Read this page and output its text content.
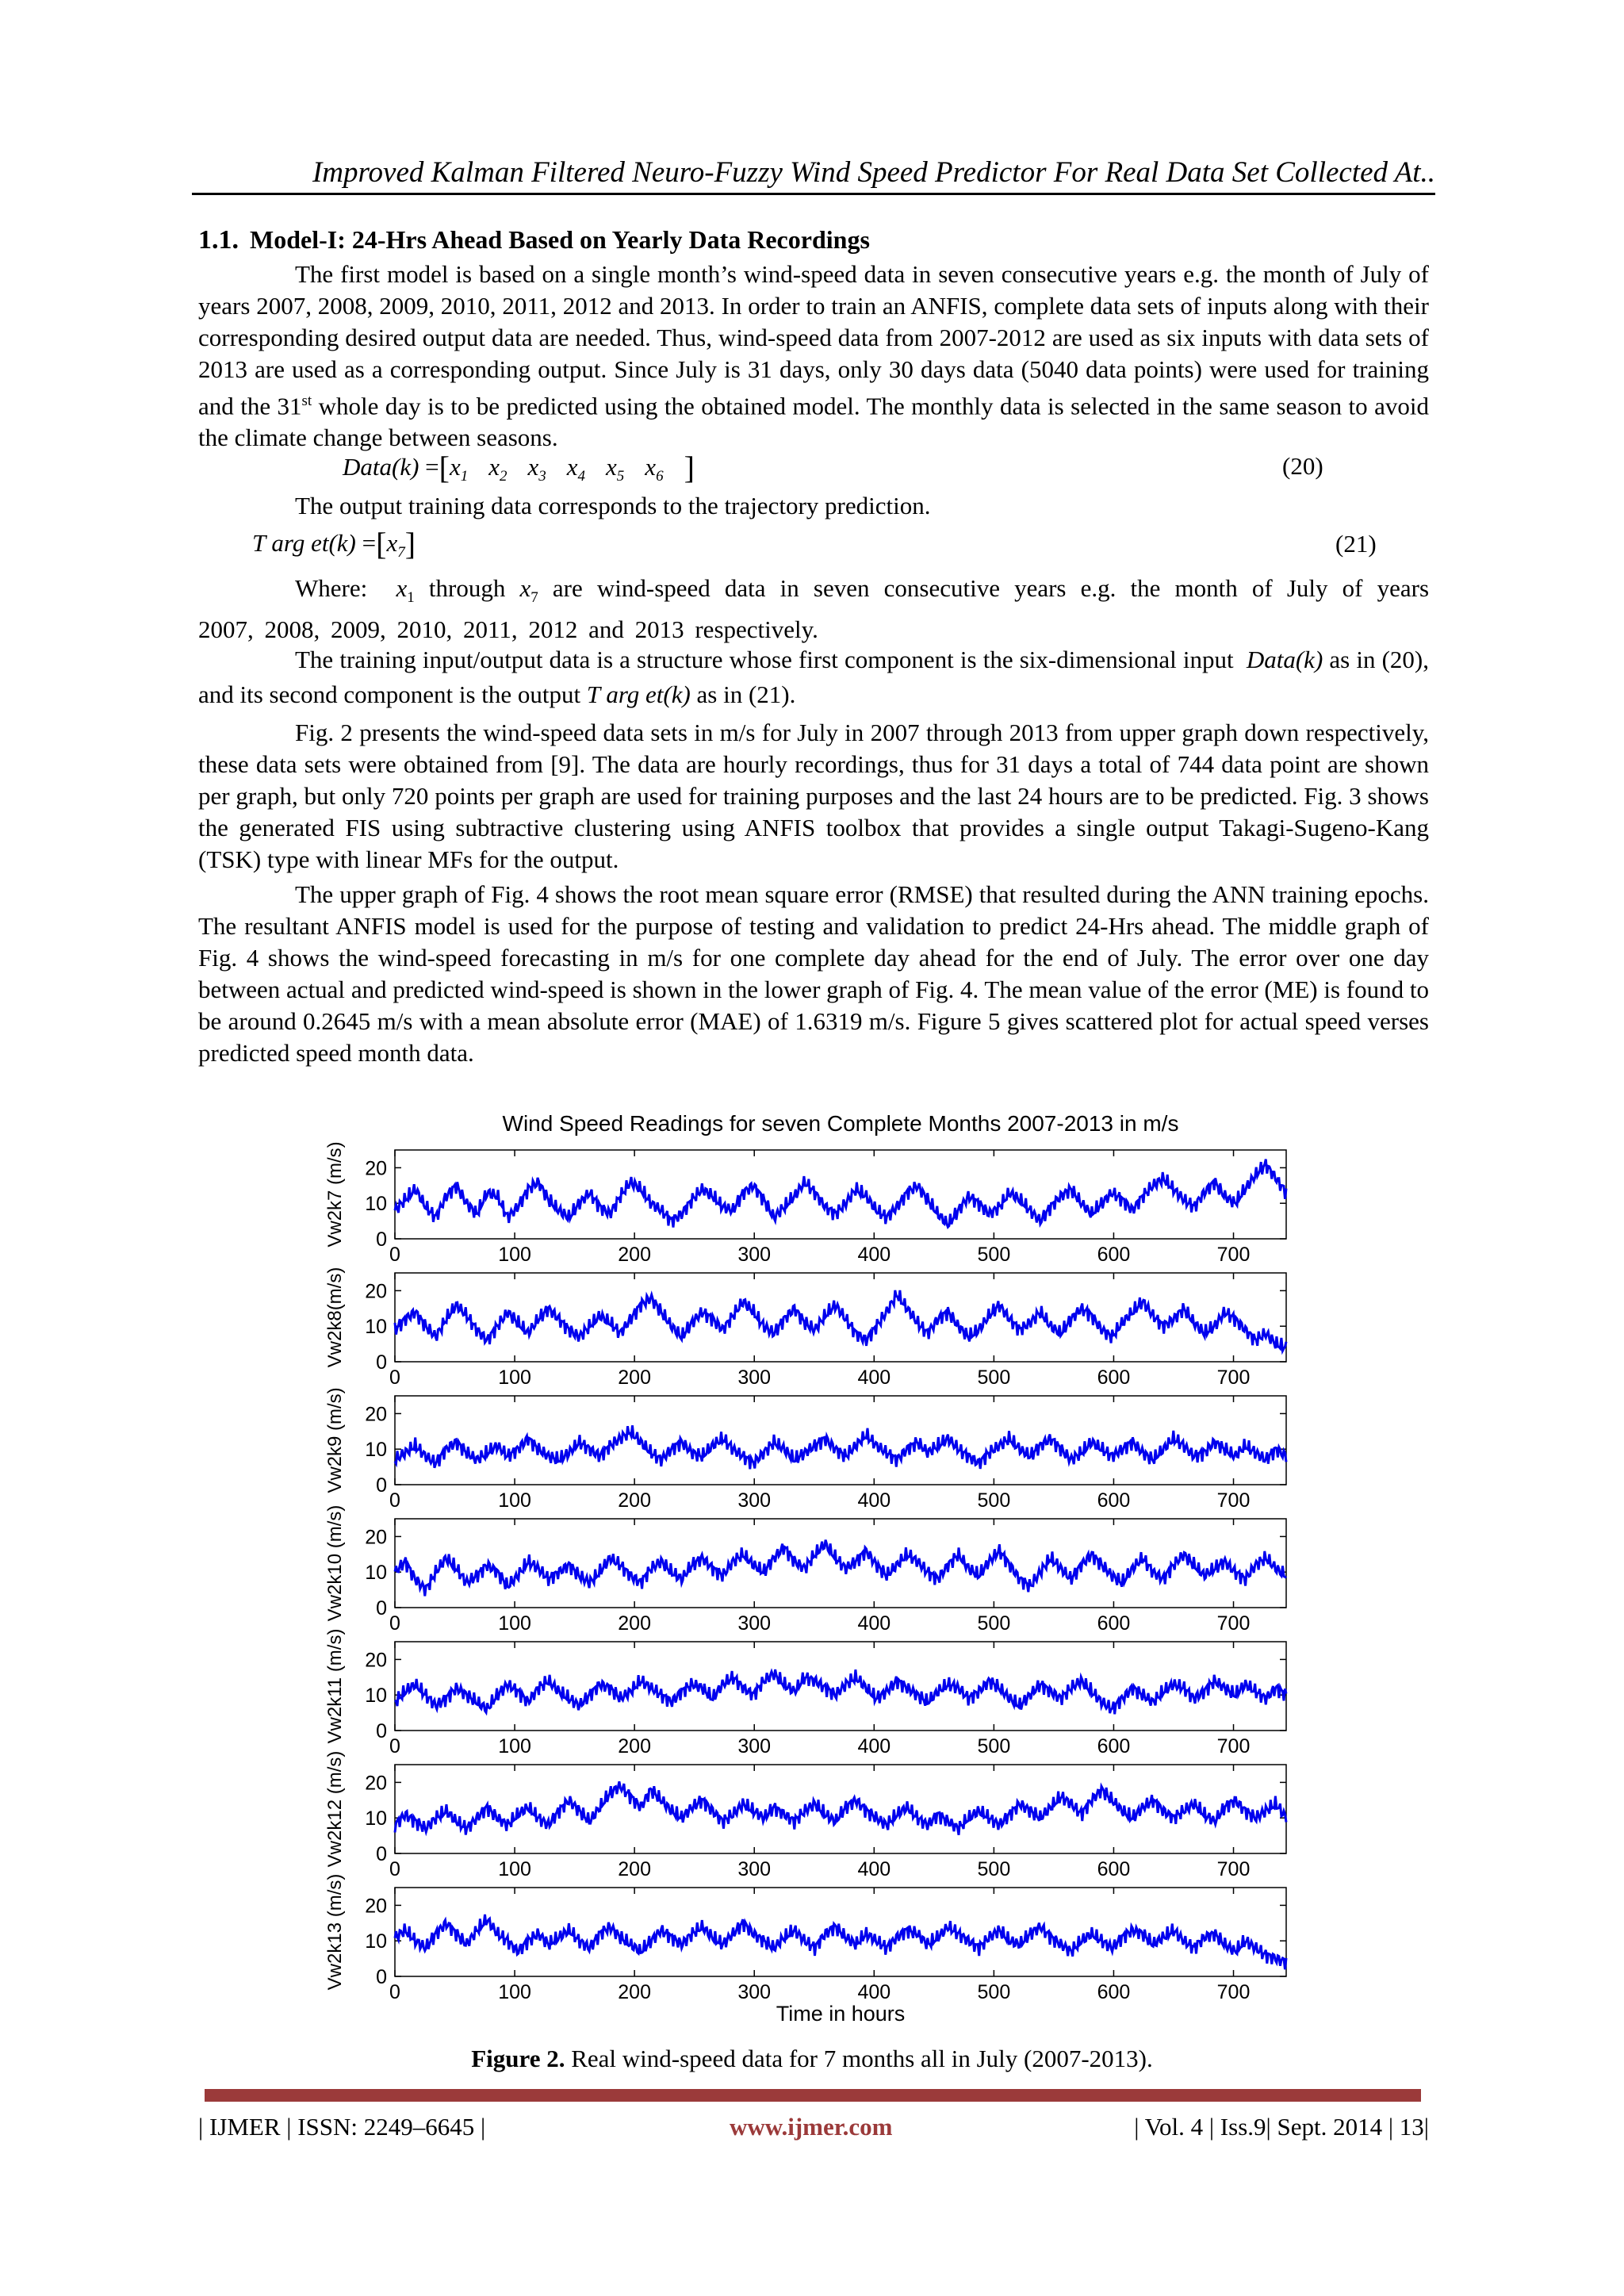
Improved Kalman Filtered Neuro-Fuzzy Wind Speed Predictor For Real Data Set Collected At..
1.1. Model-I: 24-Hrs Ahead Based on Yearly Data Recordings
The first model is based on a single month’s wind-speed data in seven consecutive years e.g. the month of July of years 2007, 2008, 2009, 2010, 2011, 2012 and 2013. In order to train an ANFIS, complete data sets of inputs along with their corresponding desired output data are needed. Thus, wind-speed data from 2007-2012 are used as six inputs with data sets of 2013 are used as a corresponding output. Since July is 31 days, only 30 days data (5040 data points) were used for training and the 31st whole day is to be predicted using the obtained model. The monthly data is selected in the same season to avoid the climate change between seasons.
Data(k) $=[x_1$ $x_2$ $x_3$ $x_4$ $x_5$ $x_6$ ]	(20)
The output training data corresponds to the trajectory prediction.
T arg $et(k) =[x_7]$	(21)
Where: $x_1$ through $x_7$ are wind-speed data in seven consecutive years e.g. the month of July of years 2007, 2008, 2009, 2010, 2011, 2012 and 2013 respectively.
The training input/output data is a structure whose first component is the six-dimensional input Data(k) as in (20), and its second component is the output T arg et(k) as in (21).
Fig. 2 presents the wind-speed data sets in m/s for July in 2007 through 2013 from upper graph down respectively, these data sets were obtained from [9]. The data are hourly recordings, thus for 31 days a total of 744 data point are shown per graph, but only 720 points per graph are used for training purposes and the last 24 hours are to be predicted. Fig. 3 shows the generated FIS using subtractive clustering using ANFIS toolbox that provides a single output Takagi-Sugeno-Kang (TSK) type with linear MFs for the output.
The upper graph of Fig. 4 shows the root mean square error (RMSE) that resulted during the ANN training epochs. The resultant ANFIS model is used for the purpose of testing and validation to predict 24-Hrs ahead. The middle graph of Fig. 4 shows the wind-speed forecasting in m/s for one complete day ahead for the end of July. The error over one day between actual and predicted wind-speed is shown in the lower graph of Fig. 4. The mean value of the error (ME) is found to be around 0.2645 m/s with a mean absolute error (MAE) of 1.6319 m/s. Figure 5 gives scattered plot for actual speed verses predicted speed month data.
Wind Speed Readings for seven Complete Months 2007-2013 in m/s
0
10
20
0	100	200	300	400	500	600	700
Vw2k7 (m/s)
0
10
20
0	100	200	300	400	500	600	700
Vw2k8(m/s)
0
10
20
0	100	200	300	400	500	600	700
Vw2k9 (m/s)
0
10
20
0	100	200	300	400	500	600	700
Vw2k10 (m/s)
0
10
20
0	100	200	300	400	500	600	700
Vw2k11 (m/s)
0
10
20
0	100	200	300	400	500	600	700
Vw2k12 (m/s)
0
10
20
0	100	200	300	400	500	600	700
Vw2k13 (m/s)
Time in hours
Figure 2. Real wind-speed data for 7 months all in July (2007-2013).
| IJMER | ISSN: 2249–6645 |	www.ijmer.com	| Vol. 4 | Iss.9| Sept. 2014 | 13|
